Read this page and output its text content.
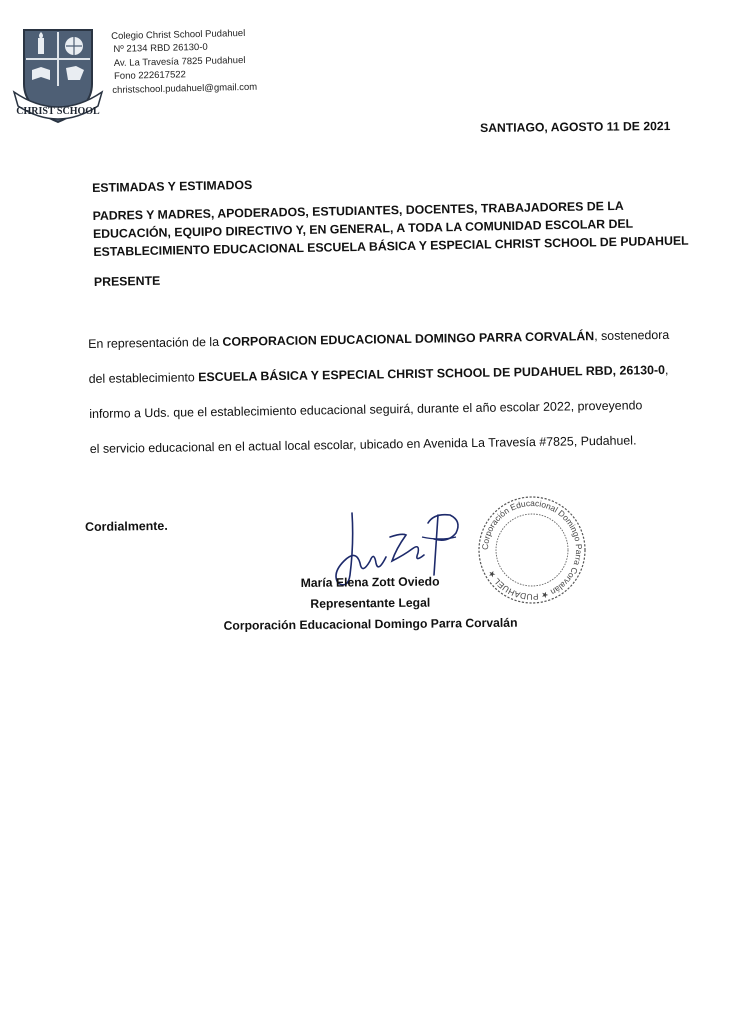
CHRIST SCHOOL
Colegio Christ School Pudahuel
Nº 2134 RBD 26130-0
Av. La Travesía 7825 Pudahuel
Fono 222617522
christschool.pudahuel@gmail.com
SANTIAGO, AGOSTO 11 DE 2021
ESTIMADAS Y ESTIMADOS
PADRES Y MADRES, APODERADOS, ESTUDIANTES, DOCENTES, TRABAJADORES DE LA EDUCACIÓN, EQUIPO DIRECTIVO Y, EN GENERAL, A TODA LA COMUNIDAD ESCOLAR DEL ESTABLECIMIENTO EDUCACIONAL ESCUELA BÁSICA Y ESPECIAL CHRIST SCHOOL DE PUDAHUEL
PRESENTE
En representación de la CORPORACION EDUCACIONAL DOMINGO PARRA CORVALÁN, sostenedora
del establecimiento ESCUELA BÁSICA Y ESPECIAL CHRIST SCHOOL DE PUDAHUEL RBD, 26130-0,
informo a Uds. que el establecimiento educacional seguirá, durante el año escolar 2022, proveyendo
el servicio educacional en el actual local escolar, ubicado en Avenida La Travesía #7825, Pudahuel.
Cordialmente.
Corporación Educacional Domingo Parra Corvalán ★ PUDAHUEL ★
María Elena Zott Oviedo
Representante Legal
Corporación Educacional Domingo Parra Corvalán
